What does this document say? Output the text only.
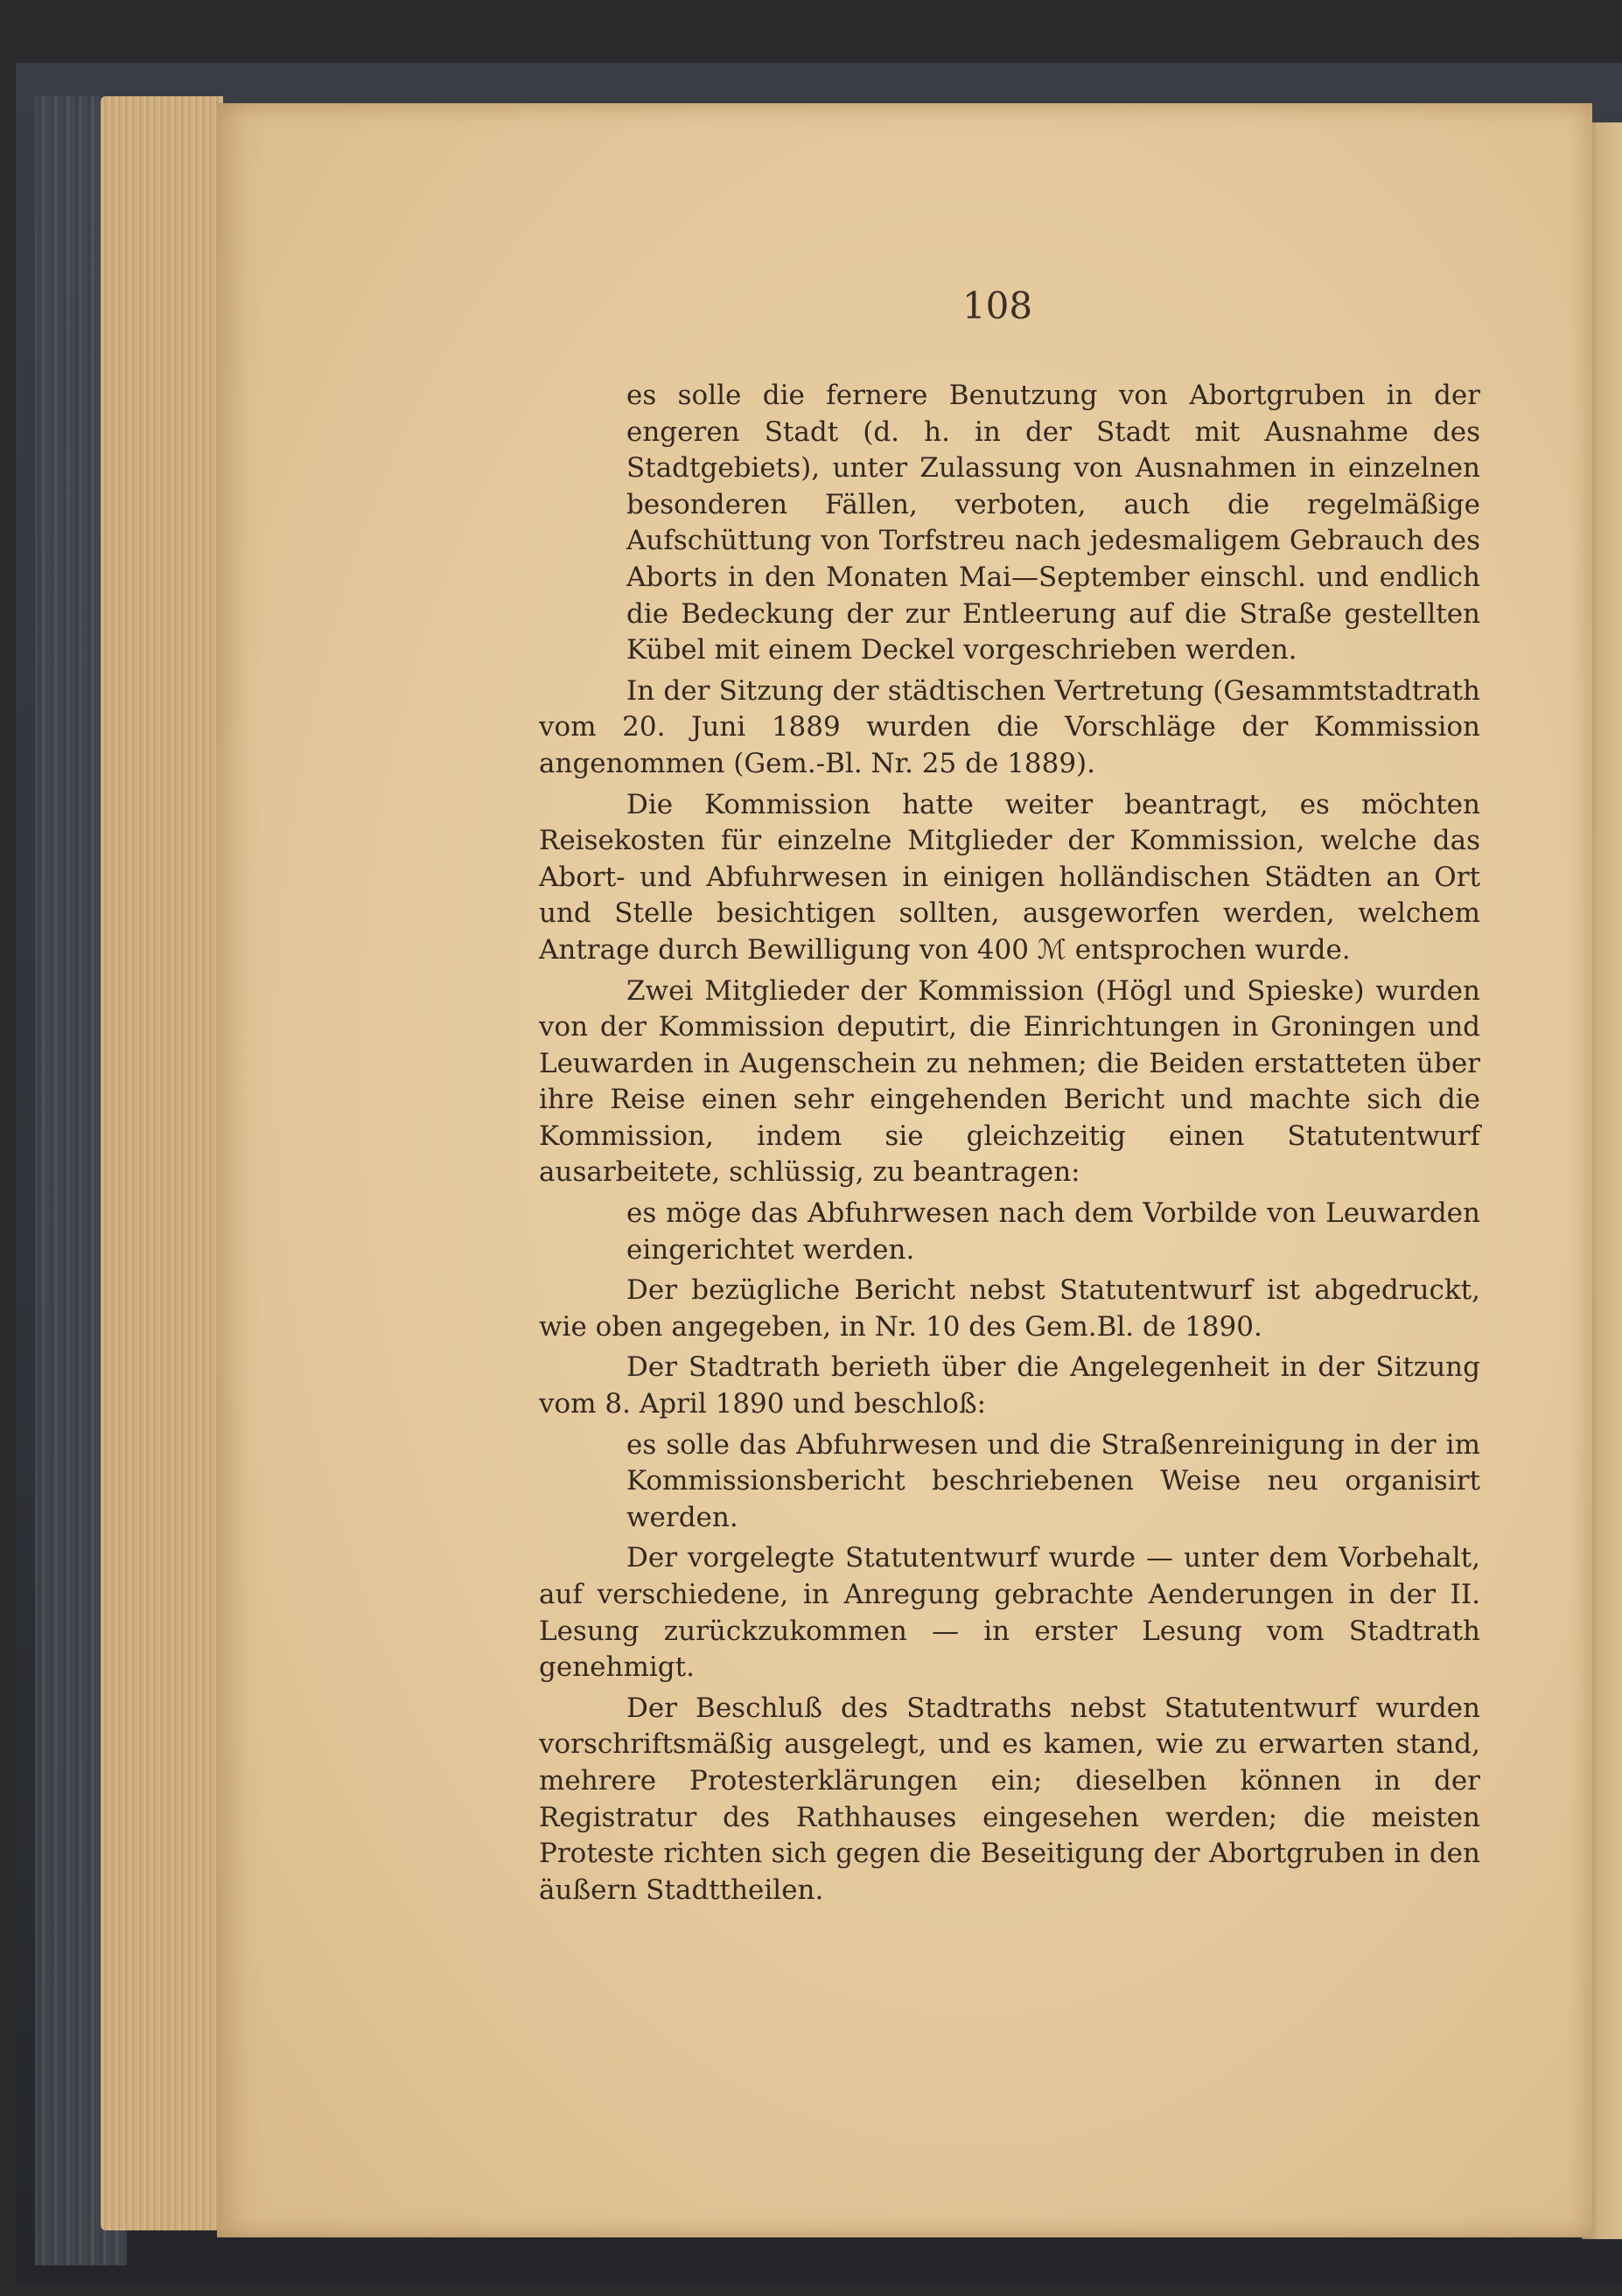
108

es solle die fernere Benutzung von Abortgruben in der engeren Stadt (d. h. in der Stadt mit Ausnahme des Stadtgebiets), unter Zulassung von Ausnahmen in einzelnen besonderen Fällen, verboten, auch die regelmäßige Aufschüttung von Torfstreu nach jedesmaligem Gebrauch des Aborts in den Monaten Mai—September einschl. und endlich die Bedeckung der zur Entleerung auf die Straße gestellten Kübel mit einem Deckel vorgeschrieben werden.

In der Sitzung der städtischen Vertretung (Gesammtstadtrath vom 20. Juni 1889 wurden die Vorschläge der Kommission angenommen (Gem.-Bl. Nr. 25 de 1889).

Die Kommission hatte weiter beantragt, es möchten Reisekosten für einzelne Mitglieder der Kommission, welche das Abort- und Abfuhrwesen in einigen holländischen Städten an Ort und Stelle besichtigen sollten, ausgeworfen werden, welchem Antrage durch Bewilligung von 400 ℳ entsprochen wurde.

Zwei Mitglieder der Kommission (Högl und Spieske) wurden von der Kommission deputirt, die Einrichtungen in Groningen und Leuwarden in Augenschein zu nehmen; die Beiden erstatteten über ihre Reise einen sehr eingehenden Bericht und machte sich die Kommission, indem sie gleichzeitig einen Statutentwurf ausarbeitete, schlüssig, zu beantragen:

es möge das Abfuhrwesen nach dem Vorbilde von Leuwarden eingerichtet werden.

Der bezügliche Bericht nebst Statutentwurf ist abgedruckt, wie oben angegeben, in Nr. 10 des Gem.Bl. de 1890.

Der Stadtrath berieth über die Angelegenheit in der Sitzung vom 8. April 1890 und beschloß:

es solle das Abfuhrwesen und die Straßenreinigung in der im Kommissionsbericht beschriebenen Weise neu organisirt werden.

Der vorgelegte Statutentwurf wurde — unter dem Vorbehalt, auf verschiedene, in Anregung gebrachte Aenderungen in der II. Lesung zurückzukommen — in erster Lesung vom Stadtrath genehmigt.

Der Beschluß des Stadtraths nebst Statutentwurf wurden vorschriftsmäßig ausgelegt, und es kamen, wie zu erwarten stand, mehrere Protesterklärungen ein; dieselben können in der Registratur des Rathhauses eingesehen werden; die meisten Proteste richten sich gegen die Beseitigung der Abortgruben in den äußern Stadttheilen.
